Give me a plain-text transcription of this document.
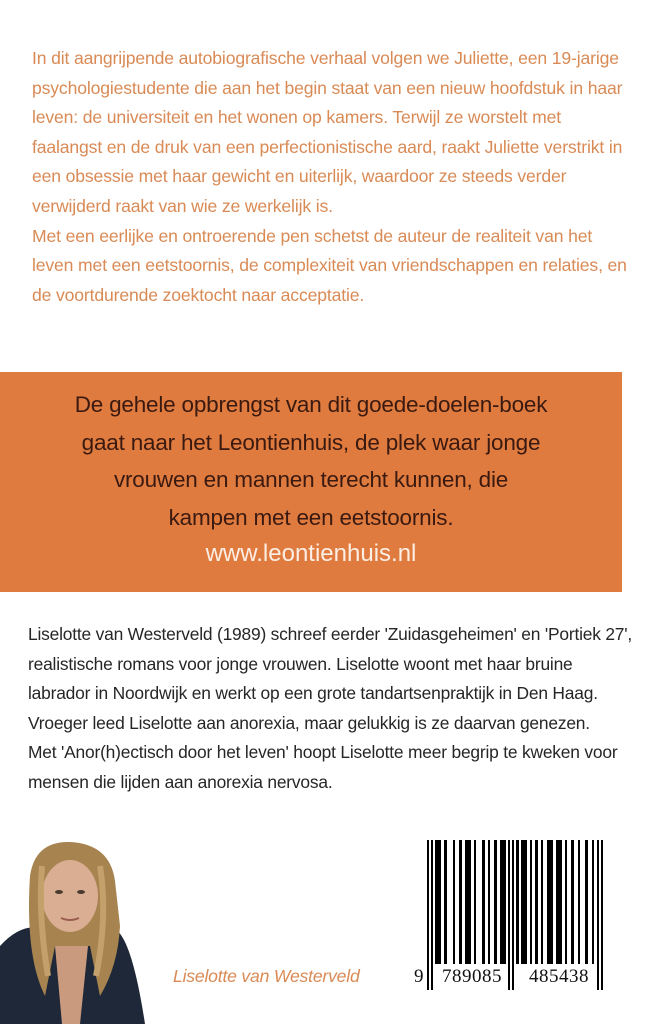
In dit aangrijpende autobiografische verhaal volgen we Juliette, een 19-jarige psychologiestudente die aan het begin staat van een nieuw hoofdstuk in haar leven: de universiteit en het wonen op kamers. Terwijl ze worstelt met faalangst en de druk van een perfectionistische aard, raakt Juliette verstrikt in een obsessie met haar gewicht en uiterlijk, waardoor ze steeds verder verwijderd raakt van wie ze werkelijk is.

Met een eerlijke en ontroerende pen schetst de auteur de realiteit van het leven met een eetstoornis, de complexiteit van vriendschappen en relaties, en de voortdurende zoektocht naar acceptatie.

De gehele opbrengst van dit goede-doelen-boek

gaat naar het Leontienhuis, de plek waar jonge

vrouwen en mannen terecht kunnen, die

kampen met een eetstoornis.

www.leontienhuis.nl

Liselotte van Westerveld (1989) schreef eerder 'Zuidasgeheimen' en 'Portiek 27', realistische romans voor jonge vrouwen. Liselotte woont met haar bruine labrador in Noordwijk en werkt op een grote tandartsenpraktijk in Den Haag. Vroeger leed Liselotte aan anorexia, maar gelukkig is ze daarvan genezen.

Met 'Anor(h)ectisch door het leven' hoopt Liselotte meer begrip te kweken voor mensen die lijden aan anorexia nervosa.

Liselotte van Westerveld	9 789085 485438
